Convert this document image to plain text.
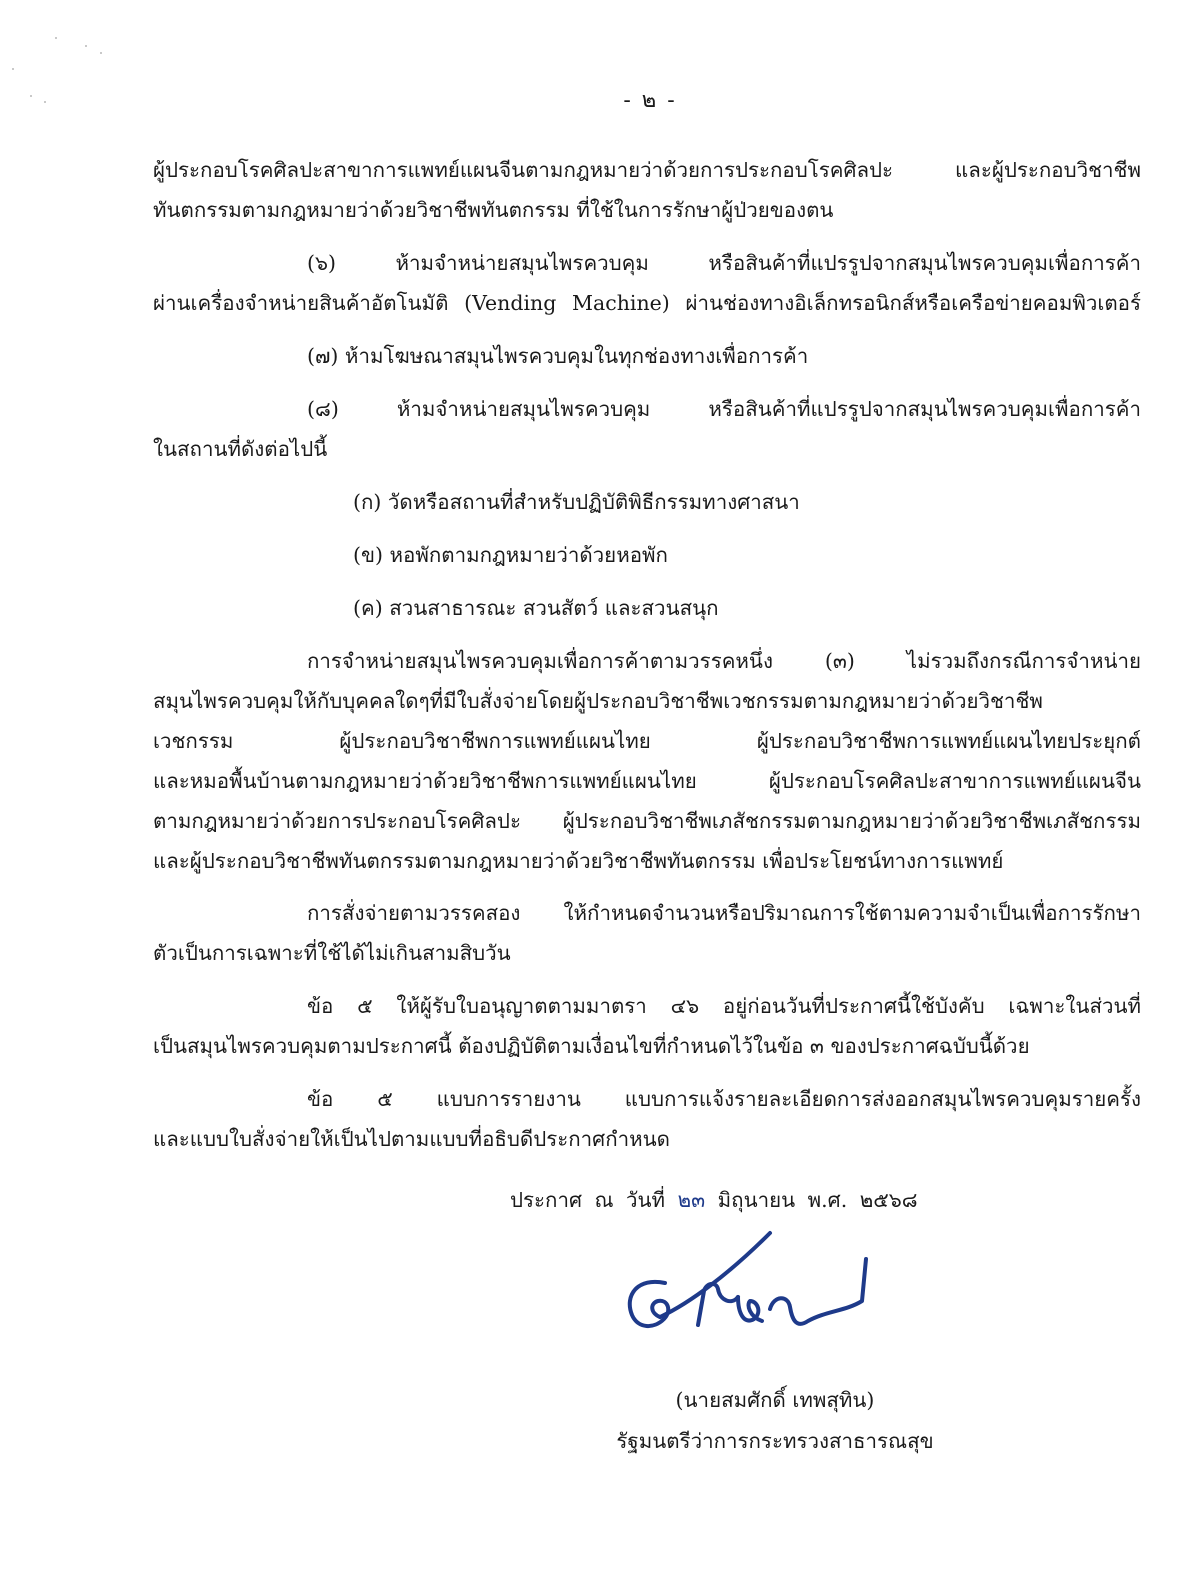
- ๒ -
ผู้ประกอบโรคศิลปะสาขาการแพทย์แผนจีนตามกฎหมายว่าด้วยการประกอบโรคศิลปะ และผู้ประกอบวิชาชีพ
ทันตกรรมตามกฎหมายว่าด้วยวิชาชีพทันตกรรม ที่ใช้ในการรักษาผู้ป่วยของตน
(๖) ห้ามจำหน่ายสมุนไพรควบคุม หรือสินค้าที่แปรรูปจากสมุนไพรควบคุมเพื่อการค้า
ผ่านเครื่องจำหน่ายสินค้าอัตโนมัติ (Vending Machine) ผ่านช่องทางอิเล็กทรอนิกส์หรือเครือข่ายคอมพิวเตอร์
(๗) ห้ามโฆษณาสมุนไพรควบคุมในทุกช่องทางเพื่อการค้า
(๘) ห้ามจำหน่ายสมุนไพรควบคุม หรือสินค้าที่แปรรูปจากสมุนไพรควบคุมเพื่อการค้า
ในสถานที่ดังต่อไปนี้
(ก) วัดหรือสถานที่สำหรับปฏิบัติพิธีกรรมทางศาสนา
(ข) หอพักตามกฎหมายว่าด้วยหอพัก
(ค) สวนสาธารณะ สวนสัตว์ และสวนสนุก
การจำหน่ายสมุนไพรควบคุมเพื่อการค้าตามวรรคหนึ่ง (๓) ไม่รวมถึงกรณีการจำหน่าย
สมุนไพรควบคุมให้กับบุคคลใดๆที่มีใบสั่งจ่ายโดยผู้ประกอบวิชาชีพเวชกรรมตามกฎหมายว่าด้วยวิชาชีพ
เวชกรรม ผู้ประกอบวิชาชีพการแพทย์แผนไทย ผู้ประกอบวิชาชีพการแพทย์แผนไทยประยุกต์
และหมอพื้นบ้านตามกฎหมายว่าด้วยวิชาชีพการแพทย์แผนไทย ผู้ประกอบโรคศิลปะสาขาการแพทย์แผนจีน
ตามกฎหมายว่าด้วยการประกอบโรคศิลปะ ผู้ประกอบวิชาชีพเภสัชกรรมตามกฎหมายว่าด้วยวิชาชีพเภสัชกรรม
และผู้ประกอบวิชาชีพทันตกรรมตามกฎหมายว่าด้วยวิชาชีพทันตกรรม เพื่อประโยชน์ทางการแพทย์
การสั่งจ่ายตามวรรคสอง ให้กำหนดจำนวนหรือปริมาณการใช้ตามความจำเป็นเพื่อการรักษา
ตัวเป็นการเฉพาะที่ใช้ได้ไม่เกินสามสิบวัน
ข้อ ๕ ให้ผู้รับใบอนุญาตตามมาตรา ๔๖ อยู่ก่อนวันที่ประกาศนี้ใช้บังคับ เฉพาะในส่วนที่
เป็นสมุนไพรควบคุมตามประกาศนี้ ต้องปฏิบัติตามเงื่อนไขที่กำหนดไว้ในข้อ ๓ ของประกาศฉบับนี้ด้วย
ข้อ ๕ แบบการรายงาน แบบการแจ้งรายละเอียดการส่งออกสมุนไพรควบคุมรายครั้ง
และแบบใบสั่งจ่ายให้เป็นไปตามแบบที่อธิบดีประกาศกำหนด
ประกาศ ณ วันที่ ๒๓ มิถุนายน พ.ศ. ๒๕๖๘
(นายสมศักดิ์ เทพสุทิน)
รัฐมนตรีว่าการกระทรวงสาธารณสุข
